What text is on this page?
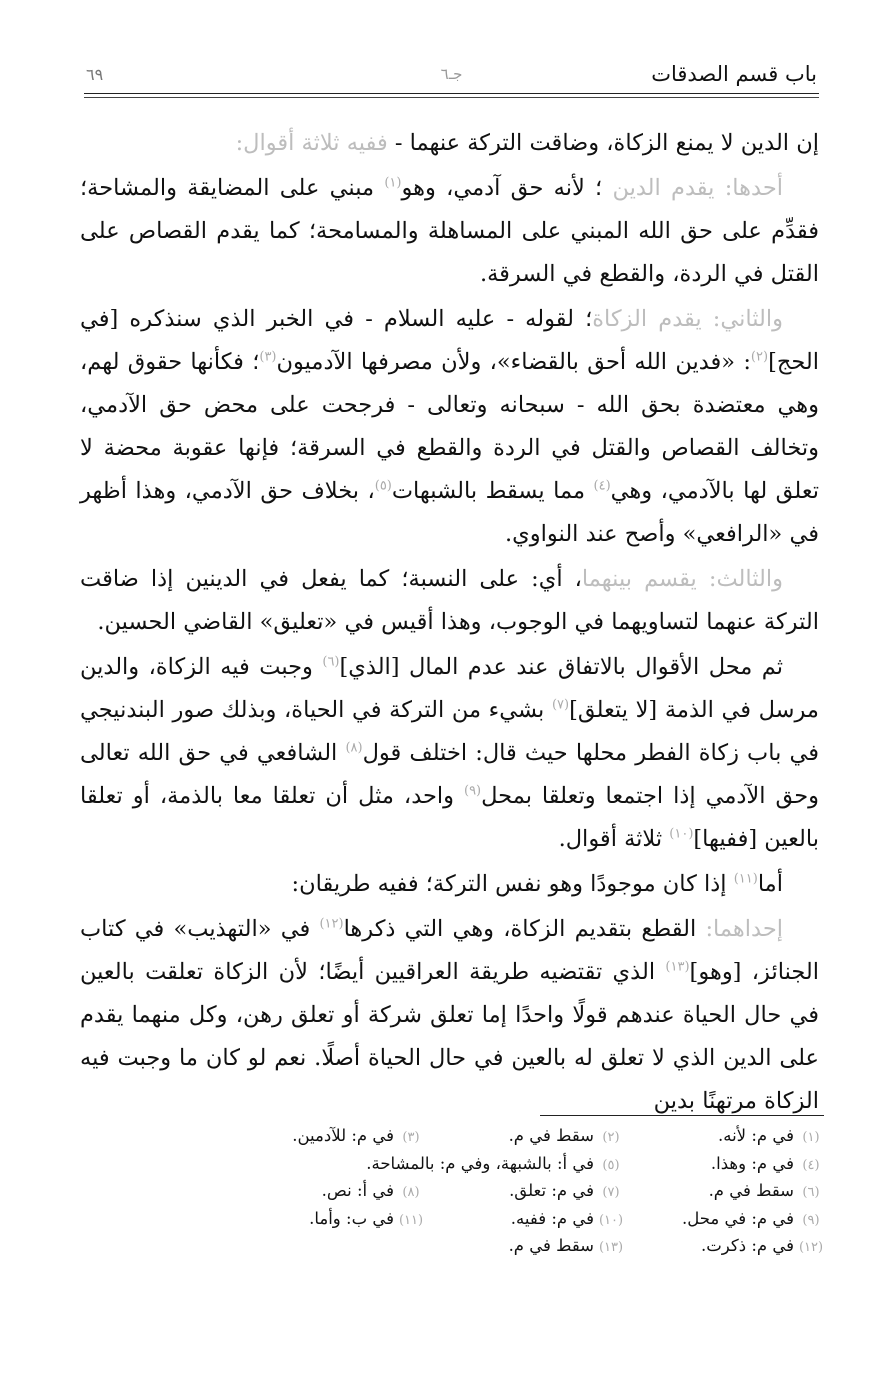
باب قسم الصدقات
جـ٦
٦٩

إن الدين لا يمنع الزكاة، وضاقت التركة عنهما - ففيه ثلاثة أقوال:

أحدها: يقدم الدين ؛ لأنه حق آدمي، وهو$^{(١)}$ مبني على المضايقة والمشاحة؛ فقدِّم على حق الله المبني على المساهلة والمسامحة؛ كما يقدم القصاص على القتل في الردة، والقطع في السرقة.

والثاني: يقدم الزكاة؛ لقوله - عليه السلام - في الخبر الذي سنذكره [في الحج]$^{(٢)}$: «فدين الله أحق بالقضاء»، ولأن مصرفها الآدميون$^{(٣)}$؛ فكأنها حقوق لهم، وهي معتضدة بحق الله - سبحانه وتعالى - فرجحت على محض حق الآدمي، وتخالف القصاص والقتل في الردة والقطع في السرقة؛ فإنها عقوبة محضة لا تعلق لها بالآدمي، وهي$^{(٤)}$ مما يسقط بالشبهات$^{(٥)}$، بخلاف حق الآدمي، وهذا أظهر في «الرافعي» وأصح عند النواوي.

والثالث: يقسم بينهما، أي: على النسبة؛ كما يفعل في الدينين إذا ضاقت التركة عنهما لتساويهما في الوجوب، وهذا أقيس في «تعليق» القاضي الحسين.

ثم محل الأقوال بالاتفاق عند عدم المال [الذي]$^{(٦)}$ وجبت فيه الزكاة، والدين مرسل في الذمة [لا يتعلق]$^{(٧)}$ بشيء من التركة في الحياة، وبذلك صور البندنيجي في باب زكاة الفطر محلها حيث قال: اختلف قول$^{(٨)}$ الشافعي في حق الله تعالى وحق الآدمي إذا اجتمعا وتعلقا بمحل$^{(٩)}$ واحد، مثل أن تعلقا معا بالذمة، أو تعلقا بالعين [ففيها]$^{(١٠)}$ ثلاثة أقوال.

أما$^{(١١)}$ إذا كان موجودًا وهو نفس التركة؛ ففيه طريقان:

إحداهما: القطع بتقديم الزكاة، وهي التي ذكرها$^{(١٢)}$ في «التهذيب» في كتاب الجنائز، [وهو]$^{(١٣)}$ الذي تقتضيه طريقة العراقيين أيضًا؛ لأن الزكاة تعلقت بالعين في حال الحياة عندهم قولًا واحدًا إما تعلق شركة أو تعلق رهن، وكل منهما يقدم على الدين الذي لا تعلق له بالعين في حال الحياة أصلًا. نعم لو كان ما وجبت فيه الزكاة مرتهنًا بدين

(١)في م: لأنه.
(٢)سقط في م.
(٣)في م: للآدمين.
(٤)في م: وهذا.
(٥)في أ: بالشبهة، وفي م: بالمشاحة.
(٦)سقط في م.
(٧)في م: تعلق.
(٨)في أ: نص.
(٩)في م: في محل.
(١٠)في م: ففيه.
(١١)في ب: وأما.
(١٢)في م: ذكرت.
(١٣)سقط في م.
